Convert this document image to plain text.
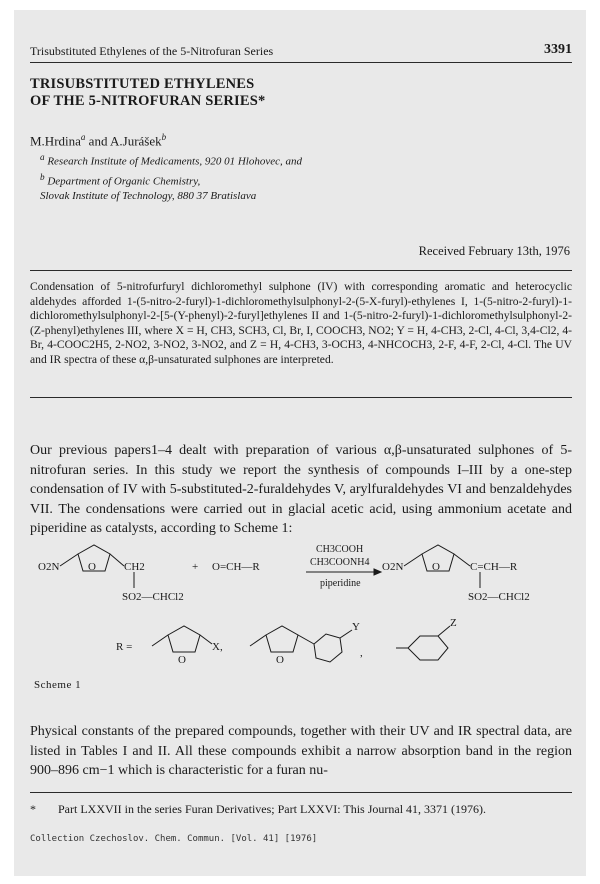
Trisubstituted Ethylenes of the 5-Nitrofuran Series	3391
TRISUBSTITUTED ETHYLENES
OF THE 5-NITROFURAN SERIES*
M.Hrdina$^a$ and A.Jurášek$^b$
$^a$ Research Institute of Medicaments, 920 01 Hlohovec, and
$^b$ Department of Organic Chemistry,
Slovak Institute of Technology, 880 37 Bratislava
Received February 13th, 1976
Condensation of 5-nitrofurfuryl dichloromethyl sulphone (IV) with corresponding aromatic and heterocyclic aldehydes afforded 1-(5-nitro-2-furyl)-1-dichloromethylsulphonyl-2-(5-X-furyl)-ethylenes I, 1-(5-nitro-2-furyl)-1-dichloromethylsulphonyl-2-[5-(Y-phenyl)-2-furyl]ethylenes II and 1-(5-nitro-2-furyl)-1-dichloromethylsulphonyl-2-(Z-phenyl)ethylenes III, where X = H, CH3, SCH3, Cl, Br, I, COOCH3, NO2; Y = H, 4-CH3, 2-Cl, 4-Cl, 3,4-Cl2, 4-Br, 4-COOC2H5, 2-NO2, 3-NO2, 3-NO2, and Z = H, 4-CH3, 3-OCH3, 4-NHCOCH3, 2-F, 4-F, 2-Cl, 4-Cl. The UV and IR spectra of these α,β-unsaturated sulphones are interpreted.
Our previous papers1–4 dealt with preparation of various α,β-unsaturated sulphones of 5-nitrofuran series. In this study we report the synthesis of compounds I–III by a one-step condensation of IV with 5-substituted-2-furaldehydes V, arylfuraldehydes VI and benzaldehydes VII. The condensations were carried out in glacial acetic acid, using ammonium acetate and piperidine as catalysts, according to Scheme 1:
O2N	O	CH2
SO2—CHCl2
+ O=CH—R
CH3COOH
CH3COONH4
piperidine
O2N	O	C=CH—R
SO2—CHCl2
R =
O
X,
O
Y
,
Z
Scheme 1
Physical constants of the prepared compounds, together with their UV and IR spectral data, are listed in Tables I and II. All these compounds exhibit a narrow absorption band in the region 900–896 cm−1 which is characteristic for a furan nu-
* Part LXXVII in the series Furan Derivatives; Part LXXVI: This Journal 41, 3371 (1976).
Collection Czechoslov. Chem. Commun. [Vol. 41] [1976]
